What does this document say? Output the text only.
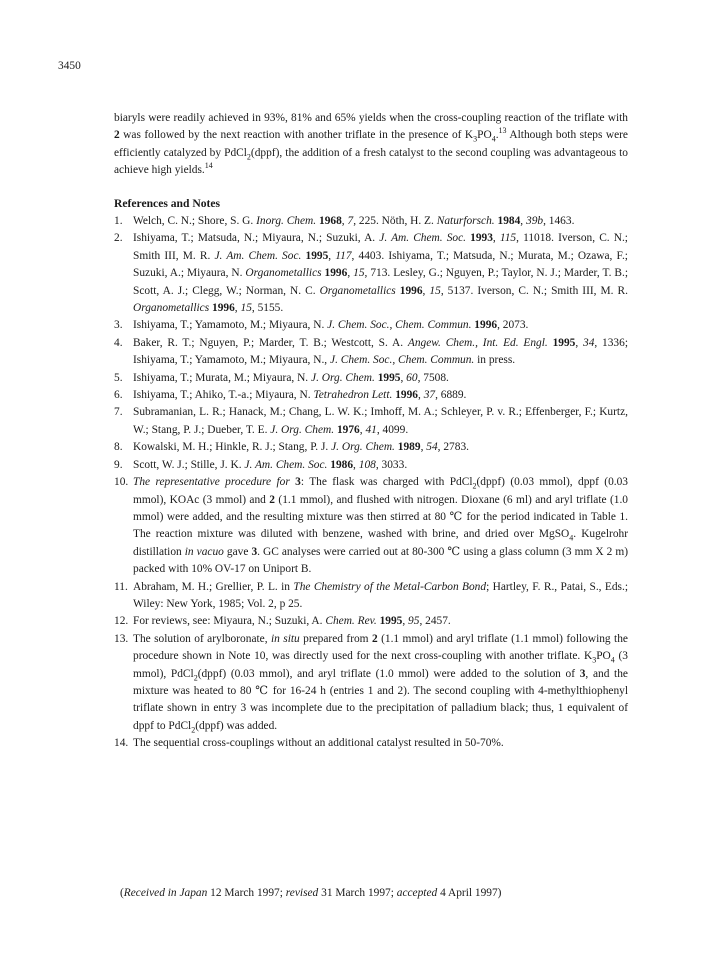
3450

biaryls were readily achieved in 93%, 81% and 65% yields when the cross-coupling reaction of the triflate with 2 was followed by the next reaction with another triflate in the presence of $K_3PO_4.^{13}$ Although both steps were efficiently catalyzed by PdCl$_2$(dppf), the addition of a fresh catalyst to the second coupling was advantageous to achieve high yields.$^{14}$

References and Notes
1. Welch, C. N.; Shore, S. G. Inorg. Chem. 1968, 7, 225. Nöth, H. Z. Naturforsch. 1984, 39b, 1463.
2. Ishiyama, T.; Matsuda, N.; Miyaura, N.; Suzuki, A. J. Am. Chem. Soc. 1993, 115, 11018. Iverson, C. N.; Smith III, M. R. J. Am. Chem. Soc. 1995, 117, 4403. Ishiyama, T.; Matsuda, N.; Murata, M.; Ozawa, F.; Suzuki, A.; Miyaura, N. Organometallics 1996, 15, 713. Lesley, G.; Nguyen, P.; Taylor, N. J.; Marder, T. B.; Scott, A. J.; Clegg, W.; Norman, N. C. Organometallics 1996, 15, 5137. Iverson, C. N.; Smith III, M. R. Organometallics 1996, 15, 5155.
3. Ishiyama, T.; Yamamoto, M.; Miyaura, N. J. Chem. Soc., Chem. Commun. 1996, 2073.
4. Baker, R. T.; Nguyen, P.; Marder, T. B.; Westcott, S. A. Angew. Chem., Int. Ed. Engl. 1995, 34, 1336; Ishiyama, T.; Yamamoto, M.; Miyaura, N., J. Chem. Soc., Chem. Commun. in press.
5. Ishiyama, T.; Murata, M.; Miyaura, N. J. Org. Chem. 1995, 60, 7508.
6. Ishiyama, T.; Ahiko, T.-a.; Miyaura, N. Tetrahedron Lett. 1996, 37, 6889.
7. Subramanian, L. R.; Hanack, M.; Chang, L. W. K.; Imhoff, M. A.; Schleyer, P. v. R.; Effenberger, F.; Kurtz, W.; Stang, P. J.; Dueber, T. E. J. Org. Chem. 1976, 41, 4099.
8. Kowalski, M. H.; Hinkle, R. J.; Stang, P. J. J. Org. Chem. 1989, 54, 2783.
9. Scott, W. J.; Stille, J. K. J. Am. Chem. Soc. 1986, 108, 3033.
10. The representative procedure for 3: The flask was charged with PdCl$_2$(dppf) (0.03 mmol), dppf (0.03 mmol), KOAc (3 mmol) and 2 (1.1 mmol), and flushed with nitrogen. Dioxane (6 ml) and aryl triflate (1.0 mmol) were added, and the resulting mixture was then stirred at 80 ℃ for the period indicated in Table 1. The reaction mixture was diluted with benzene, washed with brine, and dried over MgSO$_4$. Kugelrohr distillation in vacuo gave 3. GC analyses were carried out at 80-300 ℃ using a glass column (3 mm X 2 m) packed with 10% OV-17 on Uniport B.
11. Abraham, M. H.; Grellier, P. L. in The Chemistry of the Metal-Carbon Bond; Hartley, F. R., Patai, S., Eds.; Wiley: New York, 1985; Vol. 2, p 25.
12. For reviews, see: Miyaura, N.; Suzuki, A. Chem. Rev. 1995, 95, 2457.
13. The solution of arylboronate, in situ prepared from 2 (1.1 mmol) and aryl triflate (1.1 mmol) following the procedure shown in Note 10, was directly used for the next cross-coupling with another triflate. $K_3PO_4$ (3 mmol), PdCl$_2$(dppf) (0.03 mmol), and aryl triflate (1.0 mmol) were added to the solution of 3, and the mixture was heated to 80 ℃ for 16-24 h (entries 1 and 2). The second coupling with 4-methylthiophenyl triflate shown in entry 3 was incomplete due to the precipitation of palladium black; thus, 1 equivalent of dppf to PdCl$_2$(dppf) was added.
14. The sequential cross-couplings without an additional catalyst resulted in 50-70%.

(Received in Japan 12 March 1997; revised 31 March 1997; accepted 4 April 1997)
